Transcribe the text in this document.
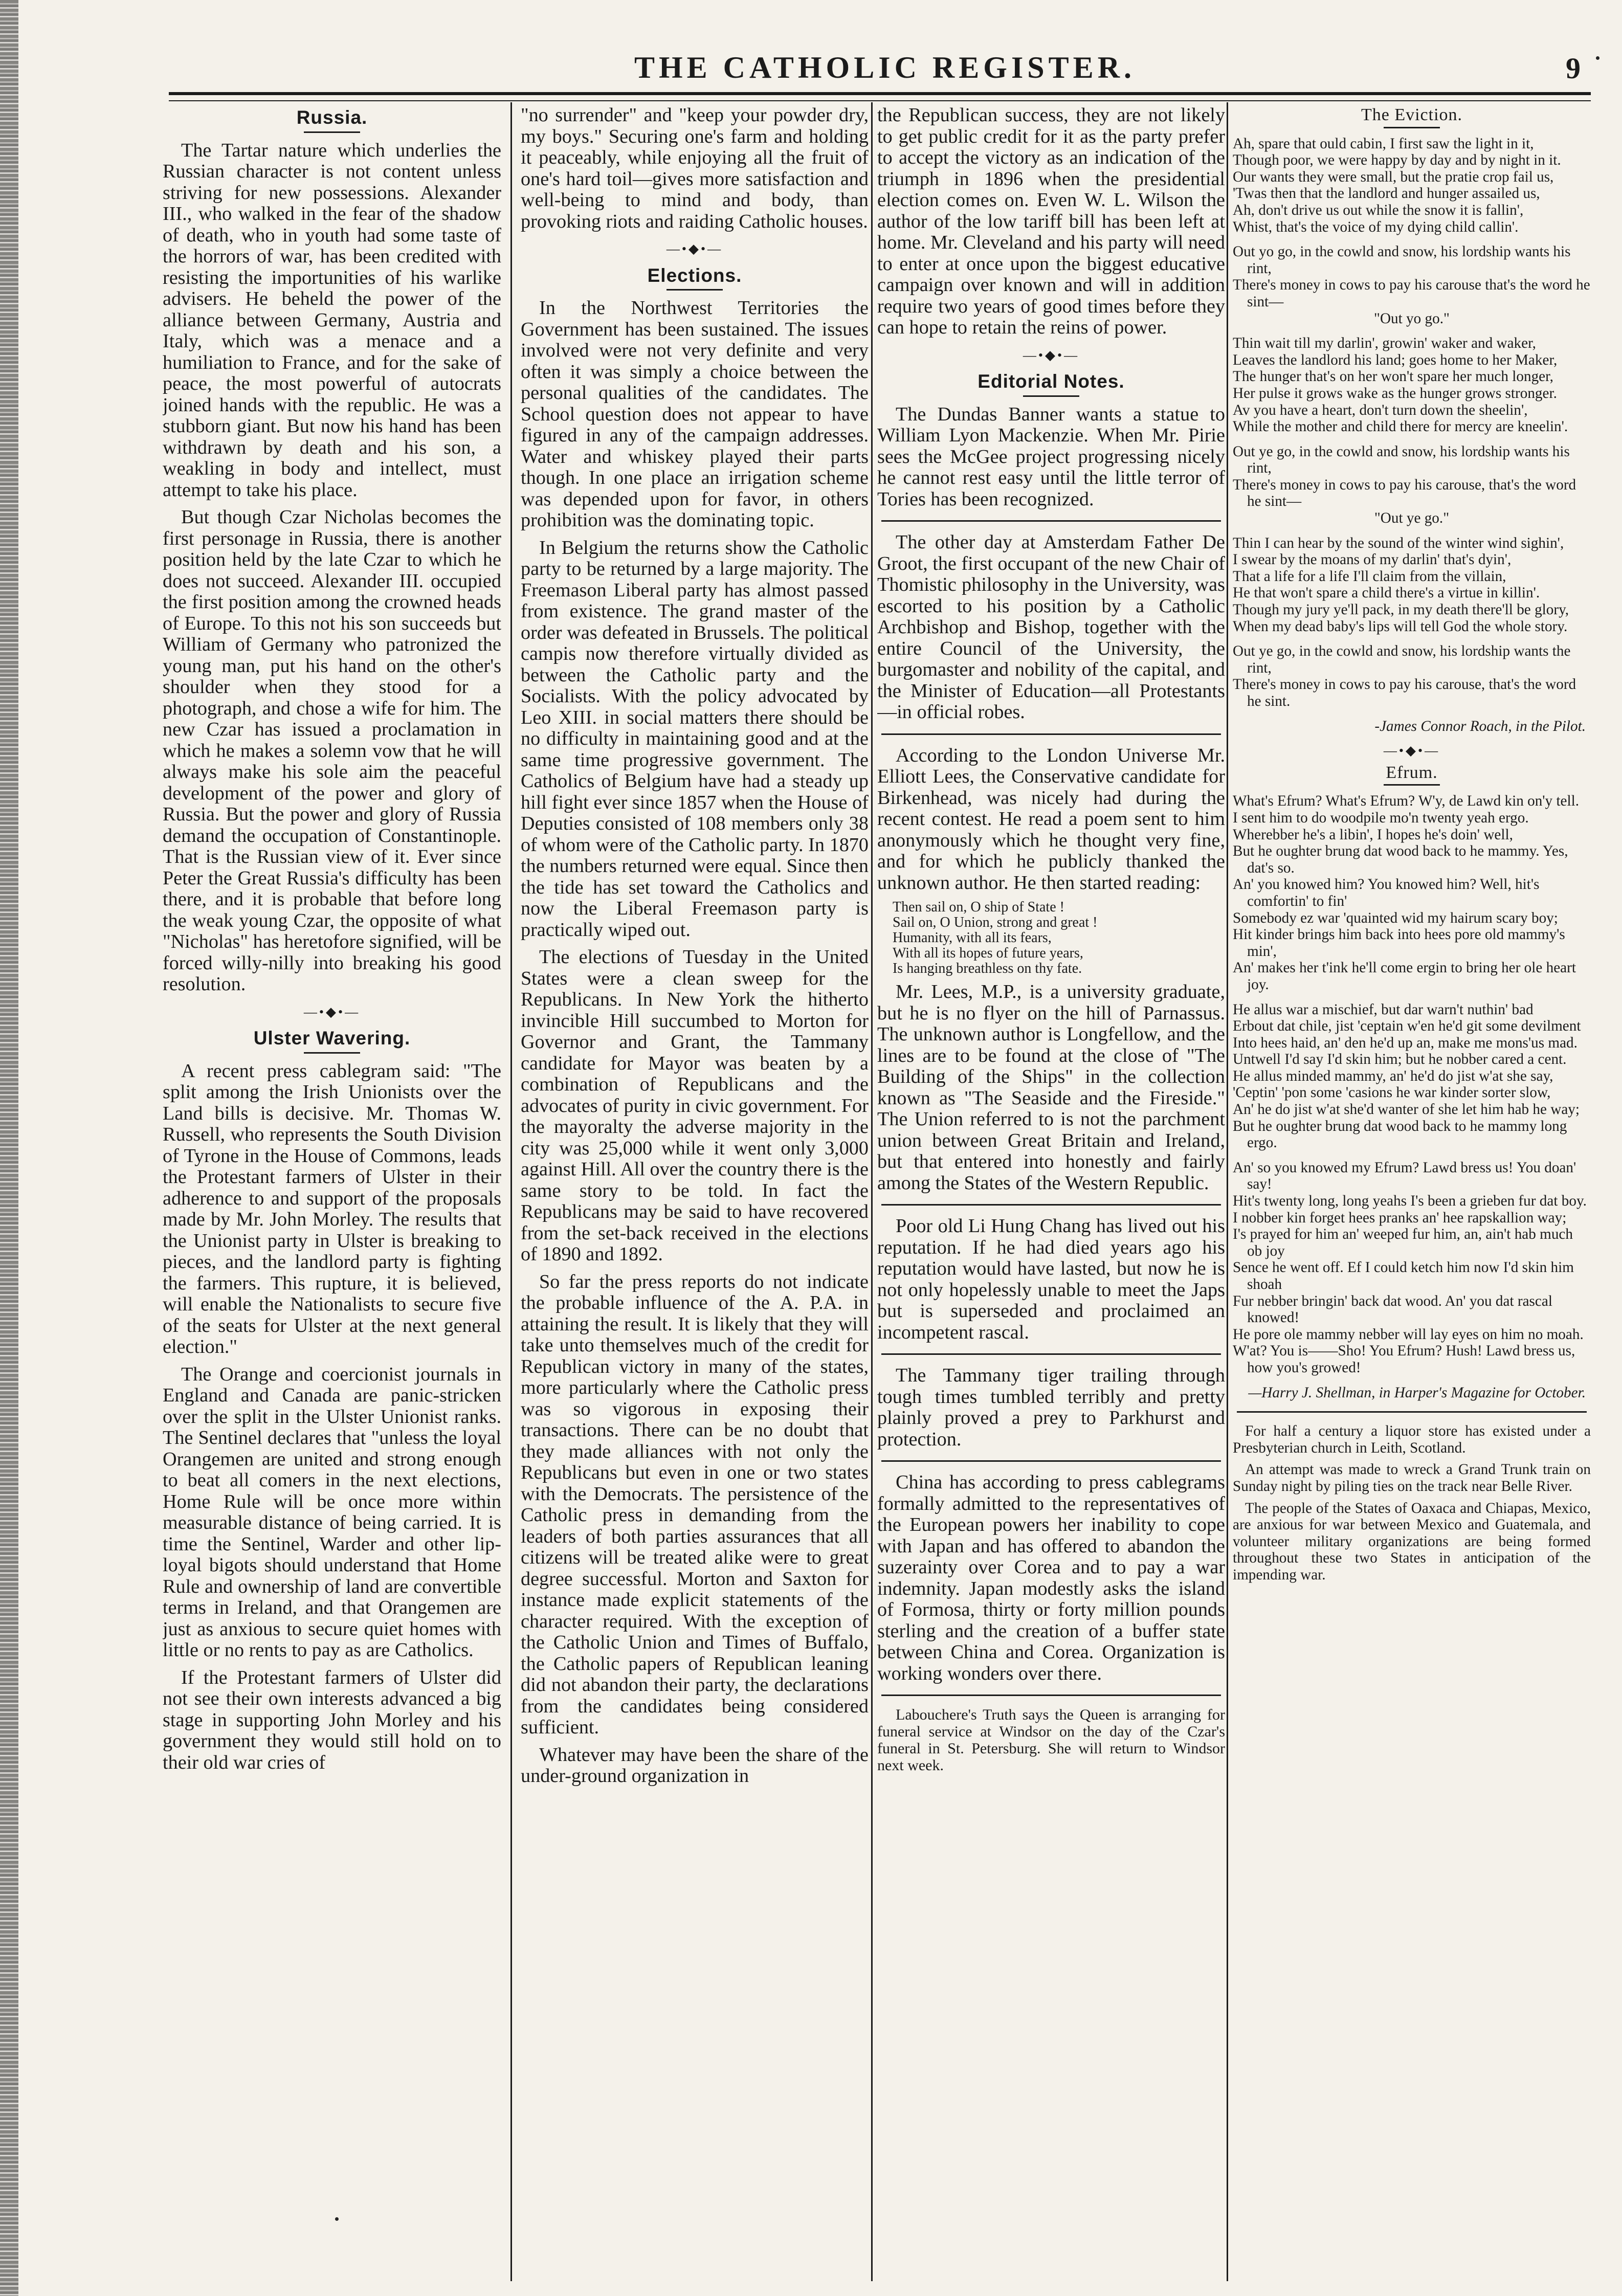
THE CATHOLIC REGISTER.	9
Russia.

The Tartar nature which underlies the Russian character is not content unless striving for new possessions. Alexander III., who walked in the fear of the shadow of death, who in youth had some taste of the horrors of war, has been credited with resisting the importunities of his warlike advisers. He beheld the power of the alliance between Germany, Austria and Italy, which was a menace and a humiliation to France, and for the sake of peace, the most powerful of autocrats joined hands with the republic. He was a stubborn giant. But now his hand has been withdrawn by death and his son, a weakling in body and intellect, must attempt to take his place.

But though Czar Nicholas becomes the first personage in Russia, there is another position held by the late Czar to which he does not succeed. Alexander III. occupied the first position among the crowned heads of Europe. To this not his son succeeds but William of Germany who patronized the young man, put his hand on the other's shoulder when they stood for a photograph, and chose a wife for him. The new Czar has issued a proclamation in which he makes a solemn vow that he will always make his sole aim the peaceful development of the power and glory of Russia. But the power and glory of Russia demand the occupation of Constantinople. That is the Russian view of it. Ever since Peter the Great Russia's difficulty has been there, and it is probable that before long the weak young Czar, the opposite of what "Nicholas" has heretofore signified, will be forced willy-nilly into breaking his good resolution.

—•◆•—
Ulster Wavering.

A recent press cablegram said: "The split among the Irish Unionists over the Land bills is decisive. Mr. Thomas W. Russell, who represents the South Division of Tyrone in the House of Commons, leads the Protestant farmers of Ulster in their adherence to and support of the proposals made by Mr. John Morley. The results that the Unionist party in Ulster is breaking to pieces, and the landlord party is fighting the farmers. This rupture, it is believed, will enable the Nationalists to secure five of the seats for Ulster at the next general election."

The Orange and coercionist journals in England and Canada are panic-stricken over the split in the Ulster Unionist ranks. The Sentinel declares that "unless the loyal Orangemen are united and strong enough to beat all comers in the next elections, Home Rule will be once more within measurable distance of being carried. It is time the Sentinel, Warder and other lip-loyal bigots should understand that Home Rule and ownership of land are convertible terms in Ireland, and that Orangemen are just as anxious to secure quiet homes with little or no rents to pay as are Catholics.

If the Protestant farmers of Ulster did not see their own interests advanced a big stage in supporting John Morley and his government they would still hold on to their old war cries of

"no surrender" and "keep your powder dry, my boys." Securing one's farm and holding it peaceably, while enjoying all the fruit of one's hard toil—gives more satisfaction and well-being to mind and body, than provoking riots and raiding Catholic houses.

—•◆•—
Elections.

In the Northwest Territories the Government has been sustained. The issues involved were not very definite and very often it was simply a choice between the personal qualities of the candidates. The School question does not appear to have figured in any of the campaign addresses. Water and whiskey played their parts though. In one place an irrigation scheme was depended upon for favor, in others prohibition was the dominating topic.

In Belgium the returns show the Catholic party to be returned by a large majority. The Freemason Liberal party has almost passed from existence. The grand master of the order was defeated in Brussels. The political campis now therefore virtually divided as between the Catholic party and the Socialists. With the policy advocated by Leo XIII. in social matters there should be no difficulty in maintaining good and at the same time progressive government. The Catholics of Belgium have had a steady up hill fight ever since 1857 when the House of Deputies consisted of 108 members only 38 of whom were of the Catholic party. In 1870 the numbers returned were equal. Since then the tide has set toward the Catholics and now the Liberal Freemason party is practically wiped out.

The elections of Tuesday in the United States were a clean sweep for the Republicans. In New York the hitherto invincible Hill succumbed to Morton for Governor and Grant, the Tammany candidate for Mayor was beaten by a combination of Republicans and the advocates of purity in civic government. For the mayoralty the adverse majority in the city was 25,000 while it went only 3,000 against Hill. All over the country there is the same story to be told. In fact the Republicans may be said to have recovered from the set-back received in the elections of 1890 and 1892.

So far the press reports do not indicate the probable influence of the A. P.A. in attaining the result. It is likely that they will take unto themselves much of the credit for Republican victory in many of the states, more particularly where the Catholic press was so vigorous in exposing their transactions. There can be no doubt that they made alliances with not only the Republicans but even in one or two states with the Democrats. The persistence of the Catholic press in demanding from the leaders of both parties assurances that all citizens will be treated alike were to great degree successful. Morton and Saxton for instance made explicit statements of the character required. With the exception of the Catholic Union and Times of Buffalo, the Catholic papers of Republican leaning did not abandon their party, the declarations from the candidates being considered sufficient.

Whatever may have been the share of the under-ground organization in

the Republican success, they are not likely to get public credit for it as the party prefer to accept the victory as an indication of the triumph in 1896 when the presidential election comes on. Even W. L. Wilson the author of the low tariff bill has been left at home. Mr. Cleveland and his party will need to enter at once upon the biggest educative campaign over known and will in addition require two years of good times before they can hope to retain the reins of power.

—•◆•—
Editorial Notes.

The Dundas Banner wants a statue to William Lyon Mackenzie. When Mr. Pirie sees the McGee project progressing nicely he cannot rest easy until the little terror of Tories has been recognized.

The other day at Amsterdam Father De Groot, the first occupant of the new Chair of Thomistic philosophy in the University, was escorted to his position by a Catholic Archbishop and Bishop, together with the entire Council of the University, the burgomaster and nobility of the capital, and the Minister of Education—all Protestants—in official robes.

According to the London Universe Mr. Elliott Lees, the Conservative candidate for Birkenhead, was nicely had during the recent contest. He read a poem sent to him anonymously which he thought very fine, and for which he publicly thanked the unknown author. He then started reading:

Then sail on, O ship of State !
Sail on, O Union, strong and great !
Humanity, with all its fears,
With all its hopes of future years,
Is hanging breathless on thy fate.

Mr. Lees, M.P., is a university graduate, but he is no flyer on the hill of Parnassus. The unknown author is Longfellow, and the lines are to be found at the close of "The Building of the Ships" in the collection known as "The Seaside and the Fireside." The Union referred to is not the parchment union between Great Britain and Ireland, but that entered into honestly and fairly among the States of the Western Republic.

Poor old Li Hung Chang has lived out his reputation. If he had died years ago his reputation would have lasted, but now he is not only hopelessly unable to meet the Japs but is superseded and proclaimed an incompetent rascal.

The Tammany tiger trailing through tough times tumbled terribly and pretty plainly proved a prey to Parkhurst and protection.

China has according to press cablegrams formally admitted to the representatives of the European powers her inability to cope with Japan and has offered to abandon the suzerainty over Corea and to pay a war indemnity. Japan modestly asks the island of Formosa, thirty or forty million pounds sterling and the creation of a buffer state between China and Corea. Organization is working wonders over there.

Labouchere's Truth says the Queen is arranging for funeral service at Windsor on the day of the Czar's funeral in St. Petersburg. She will return to Windsor next week.

The Eviction.
Ah, spare that ould cabin, I first saw the light in it,
Though poor, we were happy by day and by night in it.
Our wants they were small, but the pratie crop fail us,
'Twas then that the landlord and hunger assailed us,
Ah, don't drive us out while the snow it is fallin',
Whist, that's the voice of my dying child callin'.
Out yo go, in the cowld and snow, his lordship wants his rint,
There's money in cows to pay his carouse that's the word he sint—
"Out yo go."
Thin wait till my darlin', growin' waker and waker,
Leaves the landlord his land; goes home to her Maker,
The hunger that's on her won't spare her much longer,
Her pulse it grows wake as the hunger grows stronger.
Av you have a heart, don't turn down the sheelin',
While the mother and child there for mercy are kneelin'.
Out ye go, in the cowld and snow, his lordship wants his rint,
There's money in cows to pay his carouse, that's the word he sint—
"Out ye go."
Thin I can hear by the sound of the winter wind sighin',
I swear by the moans of my darlin' that's dyin',
That a life for a life I'll claim from the villain,
He that won't spare a child there's a virtue in killin'.
Though my jury ye'll pack, in my death there'll be glory,
When my dead baby's lips will tell God the whole story.
Out ye go, in the cowld and snow, his lordship wants the rint,
There's money in cows to pay his carouse, that's the word he sint.
-James Connor Roach, in the Pilot.
—•◆•—
Efrum.
What's Efrum? What's Efrum? W'y, de Lawd kin on'y tell.
I sent him to do woodpile mo'n twenty yeah ergo.
Wherebber he's a libin', I hopes he's doin' well,
But he oughter brung dat wood back to he mammy. Yes, dat's so.
An' you knowed him? You knowed him? Well, hit's comfortin' to fin'
Somebody ez war 'quainted wid my hairum scary boy;
Hit kinder brings him back into hees pore old mammy's min',
An' makes her t'ink he'll come ergin to bring her ole heart joy.
He allus war a mischief, but dar warn't nuthin' bad
Erbout dat chile, jist 'ceptain w'en he'd git some devilment
Into hees haid, an' den he'd up an, make me mons'us mad.
Untwell I'd say I'd skin him; but he nobber cared a cent.
He allus minded mammy, an' he'd do jist w'at she say,
'Ceptin' 'pon some 'casions he war kinder sorter slow,
An' he do jist w'at she'd wanter of she let him hab he way;
But he oughter brung dat wood back to he mammy long ergo.
An' so you knowed my Efrum? Lawd bress us! You doan' say!
Hit's twenty long, long yeahs I's been a grieben fur dat boy.
I nobber kin forget hees pranks an' hee rapskallion way;
I's prayed for him an' weeped fur him, an, ain't hab much ob joy
Sence he went off. Ef I could ketch him now I'd skin him shoah
Fur nebber bringin' back dat wood. An' you dat rascal knowed!
He pore ole mammy nebber will lay eyes on him no moah.
W'at? You is——Sho! You Efrum? Hush! Lawd bress us, how you's growed!
—Harry J. Shellman, in Harper's Magazine for October.

For half a century a liquor store has existed under a Presbyterian church in Leith, Scotland.

An attempt was made to wreck a Grand Trunk train on Sunday night by piling ties on the track near Belle River.

The people of the States of Oaxaca and Chiapas, Mexico, are anxious for war between Mexico and Guatemala, and volunteer military organizations are being formed throughout these two States in anticipation of the impending war.
